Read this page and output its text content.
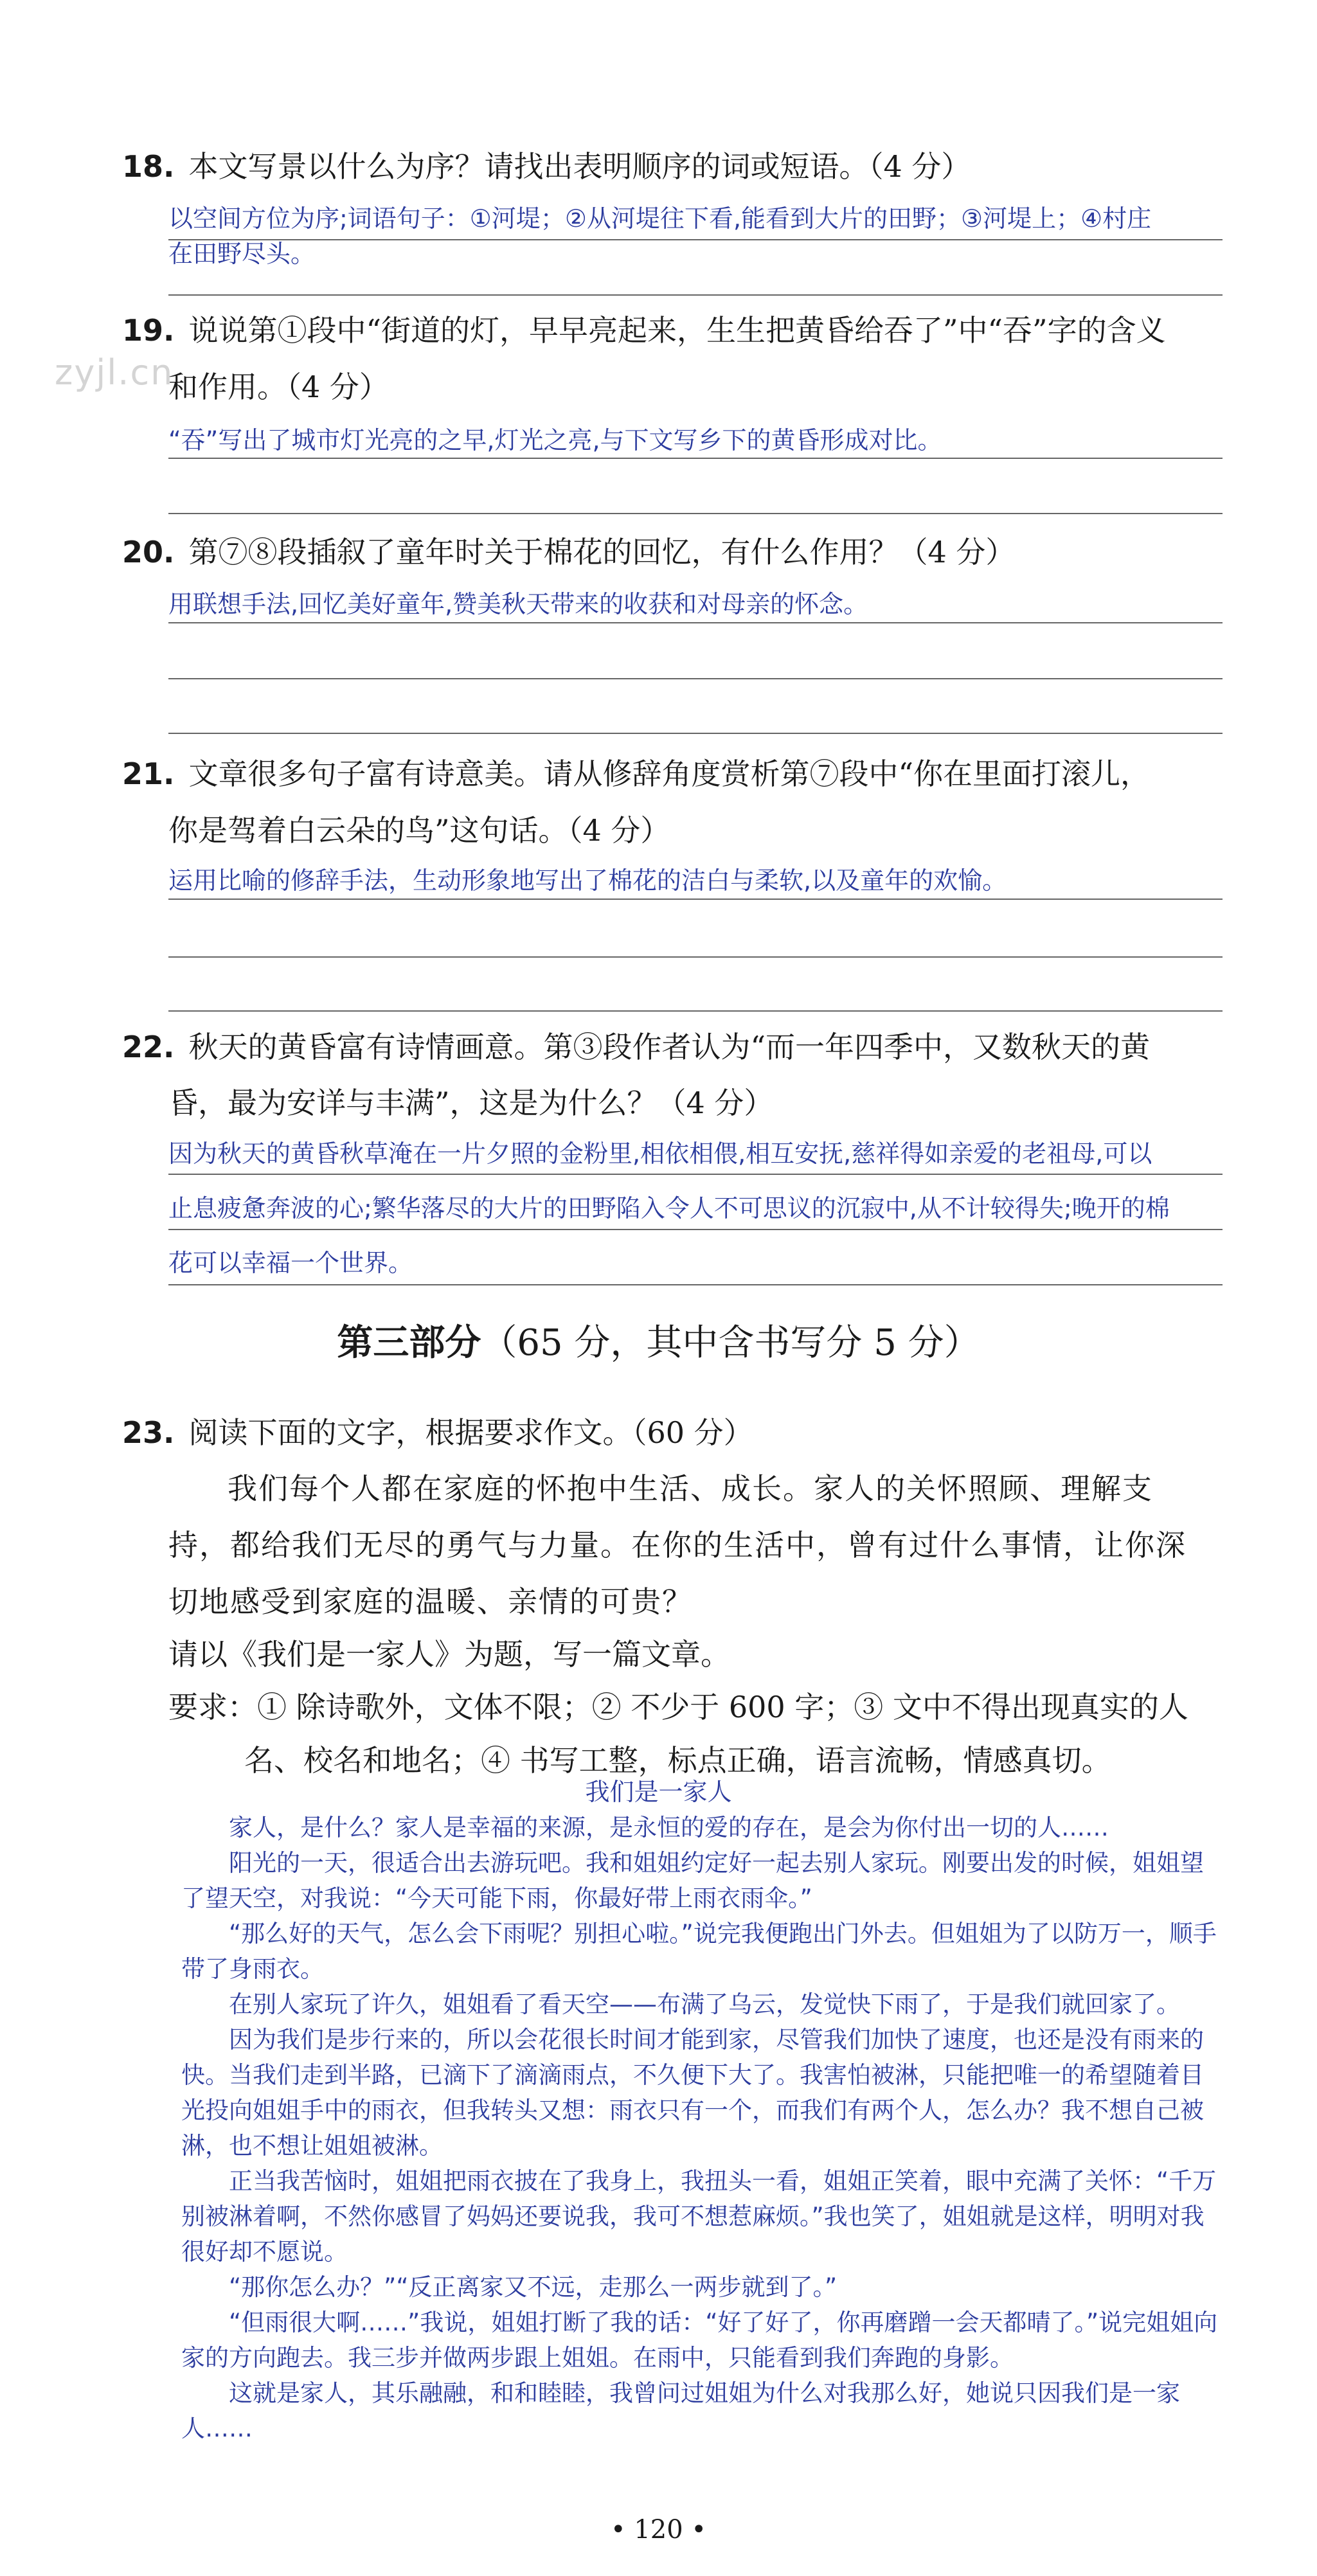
zyjl.cn

18. 本文写景以什么为序？请找出表明顺序的词或短语。（4 分）

以空间方位为序;词语句子：①河堤；②从河堤往下看,能看到大片的田野；③河堤上；④村庄

在田野尽头。

19. 说说第①段中“街道的灯，早早亮起来，生生把黄昏给吞了”中“吞”字的含义

和作用。（4 分）

“吞”写出了城市灯光亮的之早,灯光之亮,与下文写乡下的黄昏形成对比。

20. 第⑦⑧段插叙了童年时关于棉花的回忆，有什么作用？（4 分）

用联想手法,回忆美好童年,赞美秋天带来的收获和对母亲的怀念。

21. 文章很多句子富有诗意美。请从修辞角度赏析第⑦段中“你在里面打滚儿，

你是驾着白云朵的鸟”这句话。（4 分）

运用比喻的修辞手法，生动形象地写出了棉花的洁白与柔软,以及童年的欢愉。

22. 秋天的黄昏富有诗情画意。第③段作者认为“而一年四季中，又数秋天的黄

昏，最为安详与丰满”，这是为什么？（4 分）

因为秋天的黄昏秋草淹在一片夕照的金粉里,相依相偎,相互安抚,慈祥得如亲爱的老祖母,可以

止息疲惫奔波的心;繁华落尽的大片的田野陷入令人不可思议的沉寂中,从不计较得失;晚开的棉

花可以幸福一个世界。

第三部分（65 分，其中含书写分 5 分）

23. 阅读下面的文字，根据要求作文。（60 分）

我们每个人都在家庭的怀抱中生活、成长。家人的关怀照顾、理解支

持，都给我们无尽的勇气与力量。在你的生活中，曾有过什么事情，让你深

切地感受到家庭的温暖、亲情的可贵？

请以《我们是一家人》为题，写一篇文章。

要求：① 除诗歌外，文体不限；② 不少于 600 字；③ 文中不得出现真实的人

名、校名和地名；④ 书写工整，标点正确，语言流畅，情感真切。

我们是一家人

家人，是什么？家人是幸福的来源，是永恒的爱的存在，是会为你付出一切的人……

阳光的一天，很适合出去游玩吧。我和姐姐约定好一起去别人家玩。刚要出发的时候，姐姐望了望天空，对我说：“今天可能下雨，你最好带上雨衣雨伞。”

“那么好的天气，怎么会下雨呢？别担心啦。”说完我便跑出门外去。但姐姐为了以防万一，顺手带了身雨衣。

在别人家玩了许久，姐姐看了看天空——布满了乌云，发觉快下雨了，于是我们就回家了。

因为我们是步行来的，所以会花很长时间才能到家，尽管我们加快了速度，也还是没有雨来的快。当我们走到半路，已滴下了滴滴雨点，不久便下大了。我害怕被淋，只能把唯一的希望随着目光投向姐姐手中的雨衣，但我转头又想：雨衣只有一个，而我们有两个人，怎么办？我不想自己被淋，也不想让姐姐被淋。

正当我苦恼时，姐姐把雨衣披在了我身上，我扭头一看，姐姐正笑着，眼中充满了关怀：“千万别被淋着啊，不然你感冒了妈妈还要说我，我可不想惹麻烦。”我也笑了，姐姐就是这样，明明对我很好却不愿说。

“那你怎么办？”“反正离家又不远，走那么一两步就到了。”

“但雨很大啊……”我说，姐姐打断了我的话：“好了好了，你再磨蹭一会天都晴了。”说完姐姐向家的方向跑去。我三步并做两步跟上姐姐。在雨中，只能看到我们奔跑的身影。

这就是家人，其乐融融，和和睦睦，我曾问过姐姐为什么对我那么好，她说只因我们是一家人……

• 120 •
